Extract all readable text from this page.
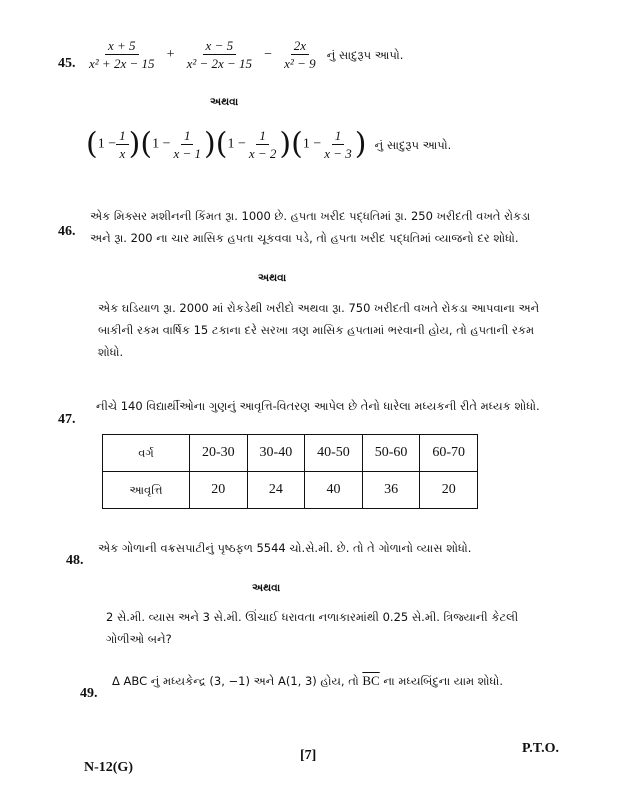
45. $\frac{x + 5}{\text{x² + 2x − 15}} + \frac{x - 5}{\text{x² − 2x − 15}} - \frac{2x}{\text{x² − 9}}$ નું સાદુરૂપ આપો.
અથવા
$(1 - \frac{1}{x} )(1 - \frac{1}{x - 1} )(1 - \frac{1}{x - 2} )(1 - \frac{1}{x - 3}$ ) નું સાદુરૂપ આપો.
46.
એક મિક્સર મશીનની કિંમત રૂા. 1000 છે. હપતા ખરીદ પદ્ધતિમાં રૂા. 250 ખરીદતી વખતે રોકડા
અને રૂા. 200 ના ચાર માસિક હપતા ચૂકવવા પડે, તો હપતા ખરીદ પદ્ધતિમાં વ્યાજનો દર શોધો.
અથવા
એક ઘડિયાળ રૂા. 2000 માં રોકડેથી ખરીદો અથવા રૂા. 750 ખરીદતી વખતે રોકડા આપવાના અને
બાકીની રકમ વાર્ષિક 15 ટકાના દરે સરખા ત્રણ માસિક હપતામાં ભરવાની હોય, તો હપતાની રકમ
શોધો.
47.
નીચે 140 વિદ્યાર્થીઓના ગુણનું આવૃત્તિ-વિતરણ આપેલ છે તેનો ધારેલા મધ્યકની રીતે મધ્યક શોધો.
વર્ગ	20-30	30-40	40-50	50-60	60-70
આવૃત્તિ	20	24	40	36	20
48.
એક ગોળાની વક્રસપાટીનું પૃષ્ઠફળ 5544 ચો.સે.મી. છે. તો તે ગોળાનો વ્યાસ શોધો.
અથવા
2 સે.મી. વ્યાસ અને 3 સે.મી. ઊંચાઈ ધરાવતા નળાકારમાંથી 0.25 સે.મી. ત્રિજ્યાની કેટલી
ગોળીઓ બને?
49.
Δ ABC નું મધ્યકેન્દ્ર (3, −1) અને A(1, 3) હોય, તો $\overline{BC}$ ના મધ્યબિંદુના યામ શોધો.
N-12(G)
[7]	P.T.O.
